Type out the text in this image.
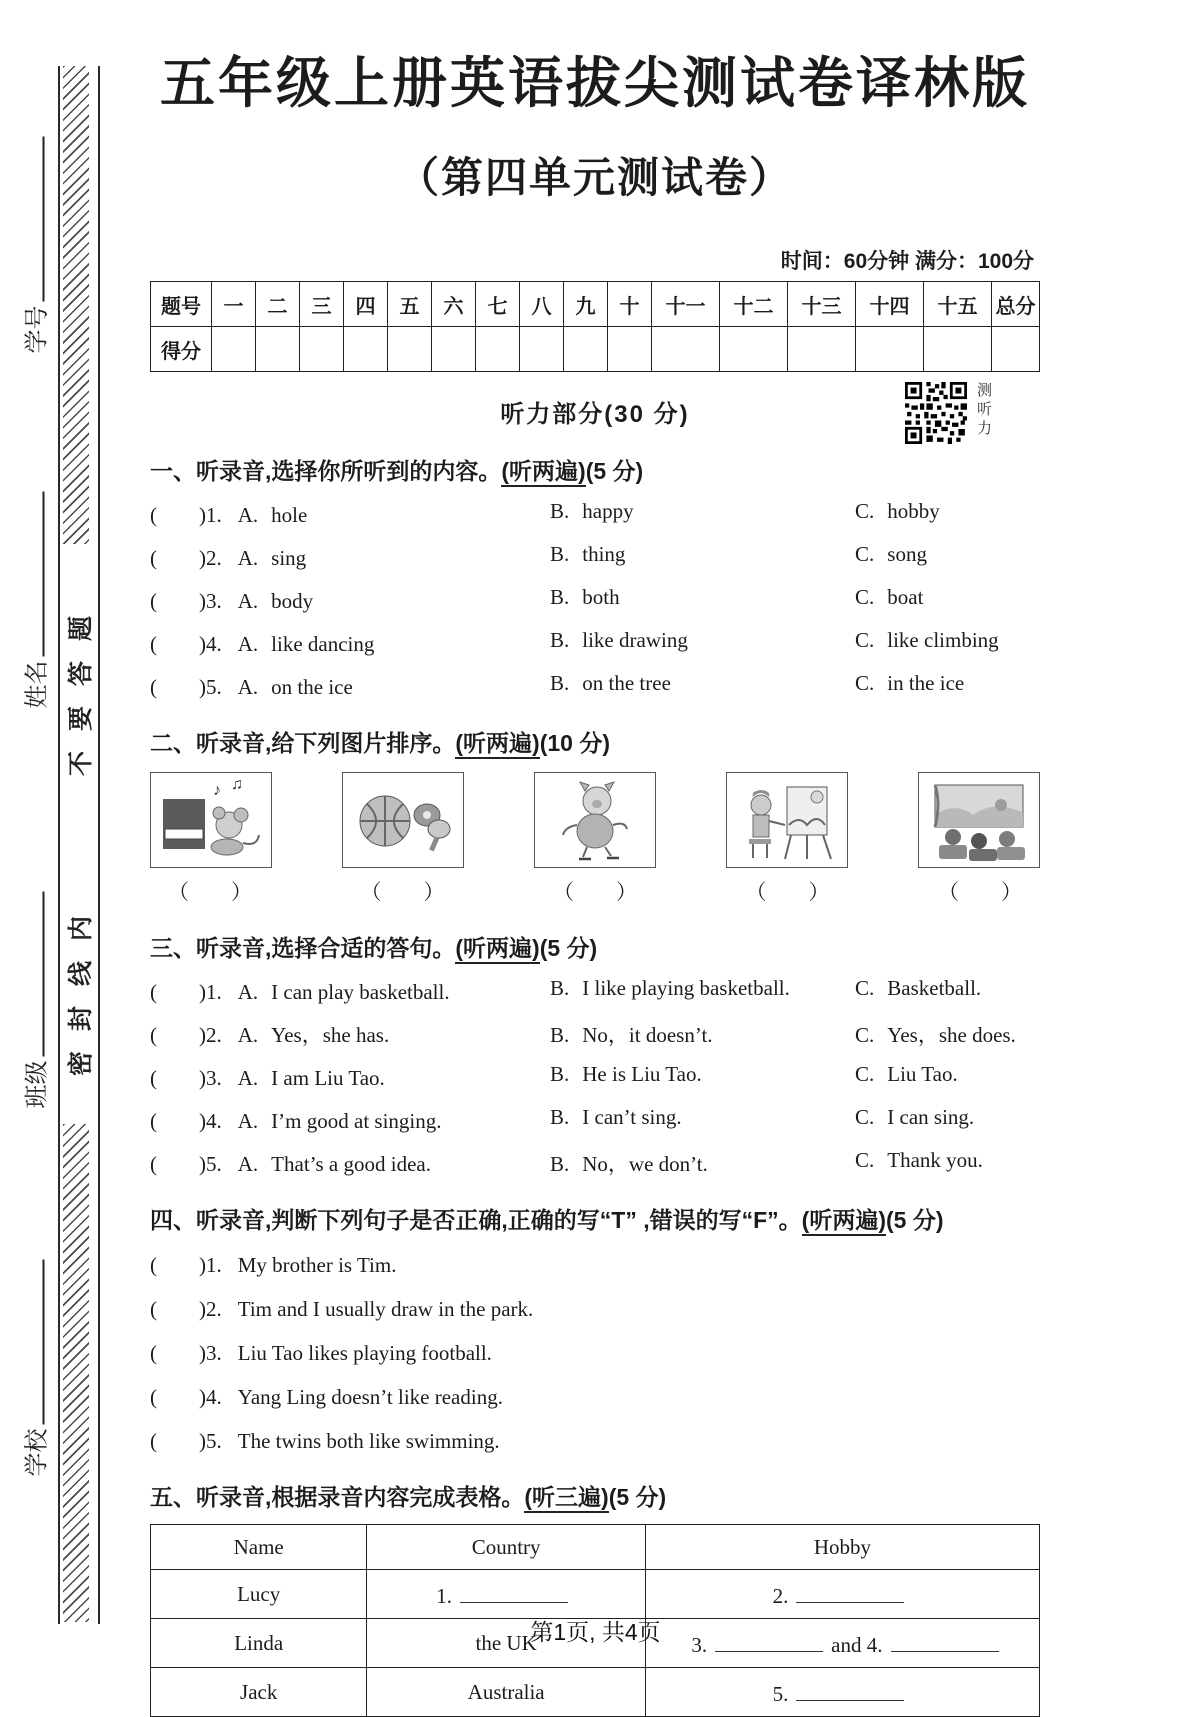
学号
姓名
班级
学校
不要答题
密封线内
五年级上册英语拔尖测试卷译林版
（第四单元测试卷）
时间：60分钟 满分：100分
题号	一	二	三	四	五	六	七	八	九	十	十一	十二	十三	十四	十五	总分
得分																
听力部分(30 分)
一、听录音,选择你所听到的内容。(听两遍)(5 分)
(　　)1. A. hole	B. happy	C. hobby
(　　)2. A. sing	B. thing	C. song
(　　)3. A. body	B. both	C. boat
(　　)4. A. like dancing	B. like drawing	C. like climbing
(　　)5. A. on the ice	B. on the tree	C. in the ice
二、听录音,给下列图片排序。(听两遍)(10 分)
♪ ♫
（　　）	（　　）	（　　）	（　　）	（　　）
三、听录音,选择合适的答句。(听两遍)(5 分)
(　　)1. A. I can play basketball.	B. I like playing basketball.	C. Basketball.
(　　)2. A. Yes，she has.	B. No，it doesn’t.	C. Yes，she does.
(　　)3. A. I am Liu Tao.	B. He is Liu Tao.	C. Liu Tao.
(　　)4. A. I’m good at singing.	B. I can’t sing.	C. I can sing.
(　　)5. A. That’s a good idea.	B. No，we don’t.	C. Thank you.
四、听录音,判断下列句子是否正确,正确的写“T” ,错误的写“F”。(听两遍)(5 分)
(　　)1. My brother is Tim.
(　　)2. Tim and I usually draw in the park.
(　　)3. Liu Tao likes playing football.
(　　)4. Yang Ling doesn’t like reading.
(　　)5. The twins both like swimming.
五、听录音,根据录音内容完成表格。(听三遍)(5 分)
Name	Country	Hobby
Lucy	1.	2.
Linda	the UK	3. and 4.
Jack	Australia	5.
测听力
第1页, 共4页
